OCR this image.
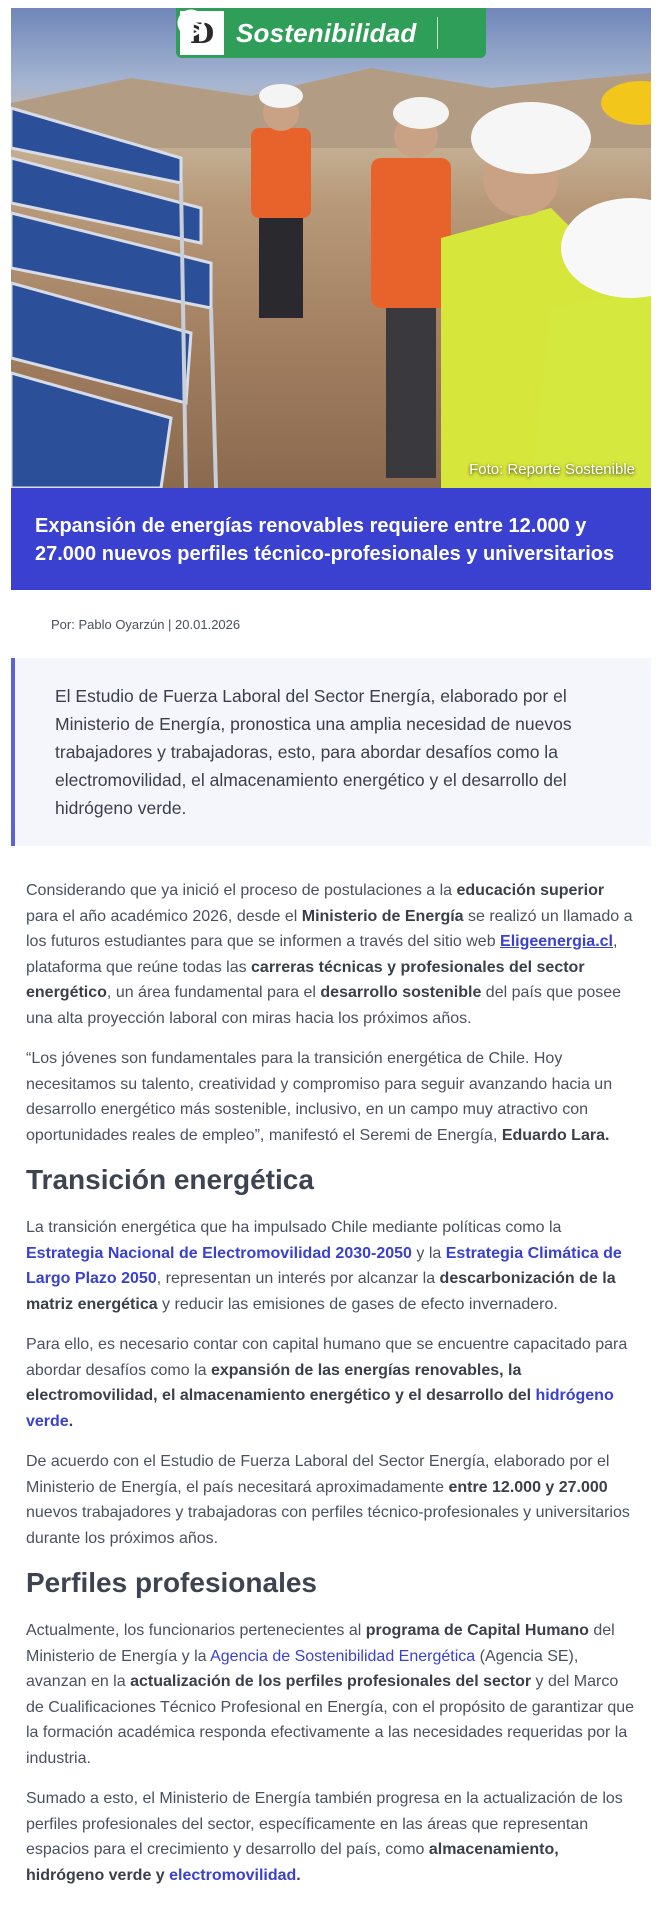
D Sostenibilidad
Foto: Reporte Sostenible
Expansión de energías renovables requiere entre 12.000 y 27.000 nuevos perfiles técnico-profesionales y universitarios
Por: Pablo Oyarzún | 20.01.2026

El Estudio de Fuerza Laboral del Sector Energía, elaborado por el Ministerio de Energía, pronostica una amplia necesidad de nuevos trabajadores y trabajadoras, esto, para abordar desafíos como la electromovilidad, el almacenamiento energético y el desarrollo del hidrógeno verde.

Considerando que ya inició el proceso de postulaciones a la educación superior para el año académico 2026, desde el Ministerio de Energía se realizó un llamado a los futuros estudiantes para que se informen a través del sitio web Eligeenergia.cl, plataforma que reúne todas las carreras técnicas y profesionales del sector energético, un área fundamental para el desarrollo sostenible del país que posee una alta proyección laboral con miras hacia los próximos años.

“Los jóvenes son fundamentales para la transición energética de Chile. Hoy necesitamos su talento, creatividad y compromiso para seguir avanzando hacia un desarrollo energético más sostenible, inclusivo, en un campo muy atractivo con oportunidades reales de empleo”, manifestó el Seremi de Energía, Eduardo Lara.

Transición energética

La transición energética que ha impulsado Chile mediante políticas como la Estrategia Nacional de Electromovilidad 2030-2050 y la Estrategia Climática de Largo Plazo 2050, representan un interés por alcanzar la descarbonización de la matriz energética y reducir las emisiones de gases de efecto invernadero.

Para ello, es necesario contar con capital humano que se encuentre capacitado para abordar desafíos como la expansión de las energías renovables, la electromovilidad, el almacenamiento energético y el desarrollo del hidrógeno verde.

De acuerdo con el Estudio de Fuerza Laboral del Sector Energía, elaborado por el Ministerio de Energía, el país necesitará aproximadamente entre 12.000 y 27.000 nuevos trabajadores y trabajadoras con perfiles técnico-profesionales y universitarios durante los próximos años.

Perfiles profesionales

Actualmente, los funcionarios pertenecientes al programa de Capital Humano del Ministerio de Energía y la Agencia de Sostenibilidad Energética (Agencia SE), avanzan en la actualización de los perfiles profesionales del sector y del Marco de Cualificaciones Técnico Profesional en Energía, con el propósito de garantizar que la formación académica responda efectivamente a las necesidades requeridas por la industria.

Sumado a esto, el Ministerio de Energía también progresa en la actualización de los perfiles profesionales del sector, específicamente en las áreas que representan espacios para el crecimiento y desarrollo del país, como almacenamiento, hidrógeno verde y electromovilidad.
